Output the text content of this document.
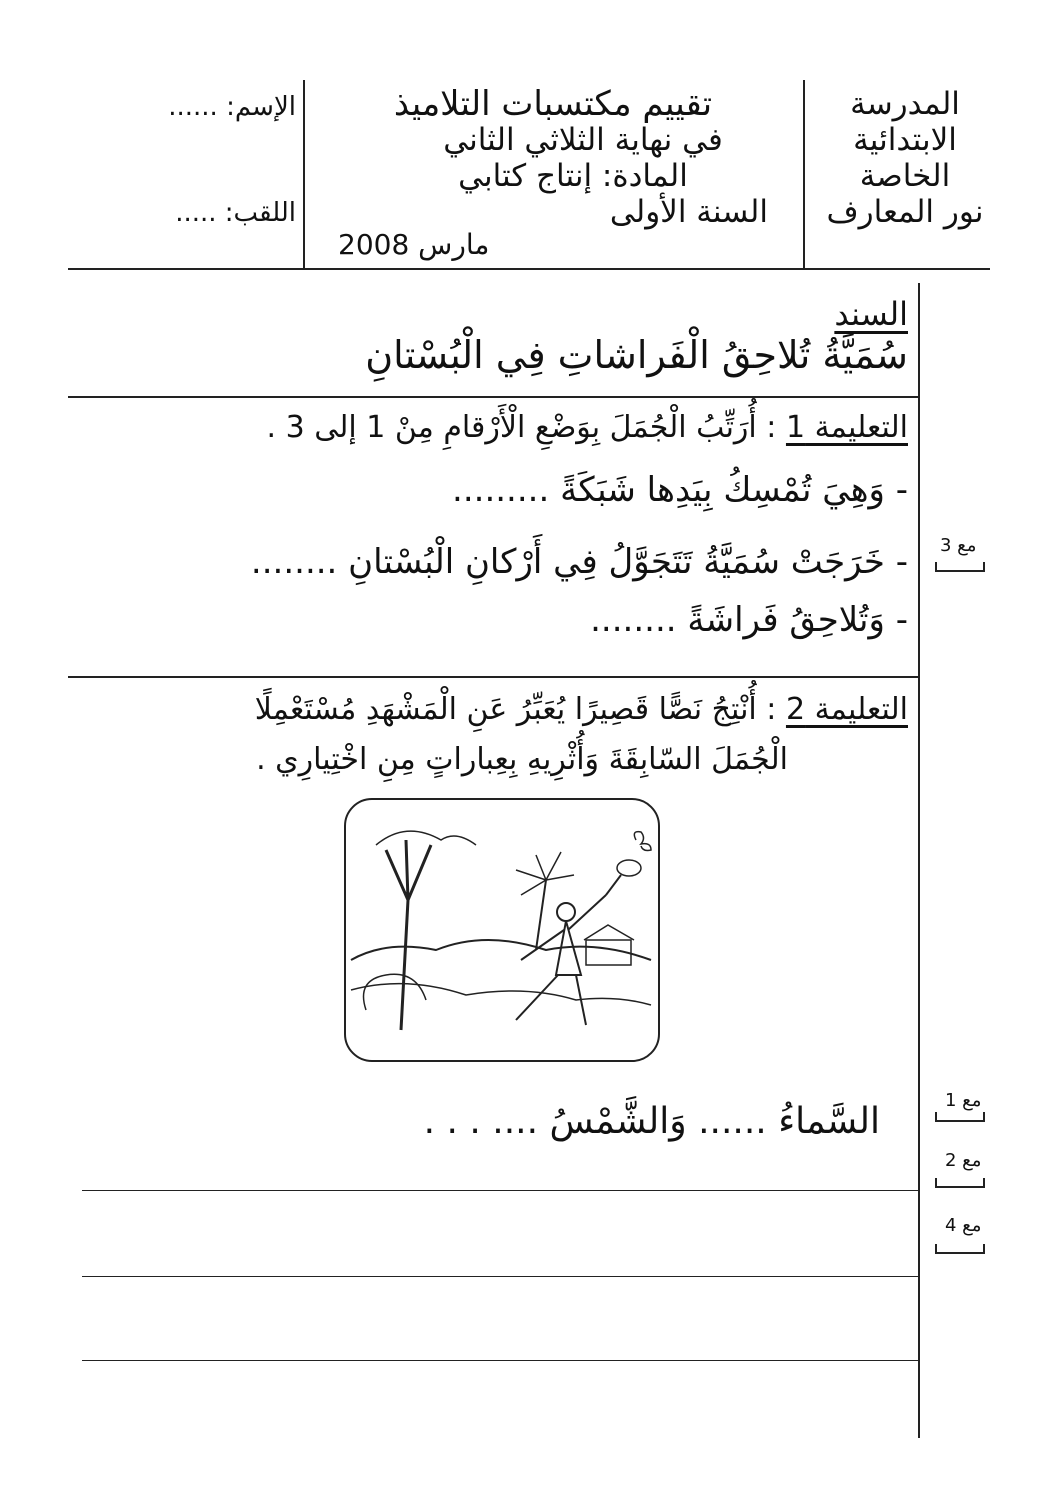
المدرسة
الابتدائية
الخاصة
نور المعارف
تقييم مكتسبات التلاميذ
في نهاية الثلاثي الثاني
المادة: إنتاج كتابي
السنة الأولى
مارس 2008
الإسم: ......
اللقب: .....
السند
سُمَيَّةُ تُلاحِقُ الْفَراشاتِ فِي الْبُسْتانِ
التعليمة 1 : أُرَتِّبُ الْجُمَلَ بِوَضْعِ الْأَرْقامِ مِنْ 1 إلى 3 .
- وَهِيَ تُمْسِكُ بِيَدِها شَبَكَةً .........
- خَرَجَتْ سُمَيَّةُ تَتَجَوَّلُ فِي أَرْكانِ الْبُسْتانِ ........
- وَتُلاحِقُ فَراشَةً ........
مع 3
التعليمة 2 : أُنْتِجُ نَصًّا قَصِيرًا يُعَبِّرُ عَنِ الْمَشْهَدِ مُسْتَعْمِلًا
الْجُمَلَ السّابِقَةَ وَأُثْرِيهِ بِعِباراتٍ مِنِ اخْتِيارِي .
السَّماءُ ...... وَالشَّمْسُ .... . . .
مع 1
مع 2
مع 4
